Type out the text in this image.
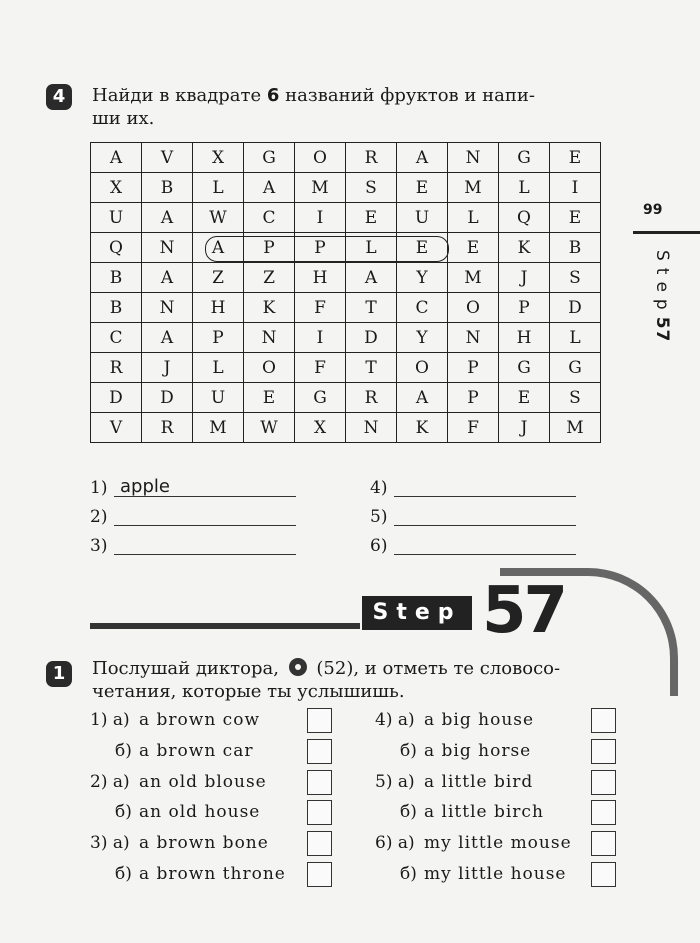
4	Найди в квадрате 6 названий фруктов и напи-
ши их.
A	V	X	G	O	R	A	N	G	E
X	B	L	A	M	S	E	M	L	I
U	A	W	C	I	E	U	L	Q	E
Q	N	A	P	P	L	E	E	K	B
B	A	Z	Z	H	A	Y	M	J	S
B	N	H	K	F	T	C	O	P	D
C	A	P	N	I	D	Y	N	H	L
R	J	L	O	F	T	O	P	G	G
D	D	U	E	G	R	A	P	E	S
V	R	M	W	X	N	K	F	J	M
1) apple
2)
3)
4)
5)
6)
99
Step57
Step 57
1	Послушай диктора, (52), и отметь те словосо-
четания, которые ты услышишь.
1) а) a brown cow
б) a brown car
2) а) an old blouse
б) an old house
3) а) a brown bone
б) a brown throne
4) а) a big house
б) a big horse
5) а) a little bird
б) a little birch
6) а) my little mouse
б) my little house
